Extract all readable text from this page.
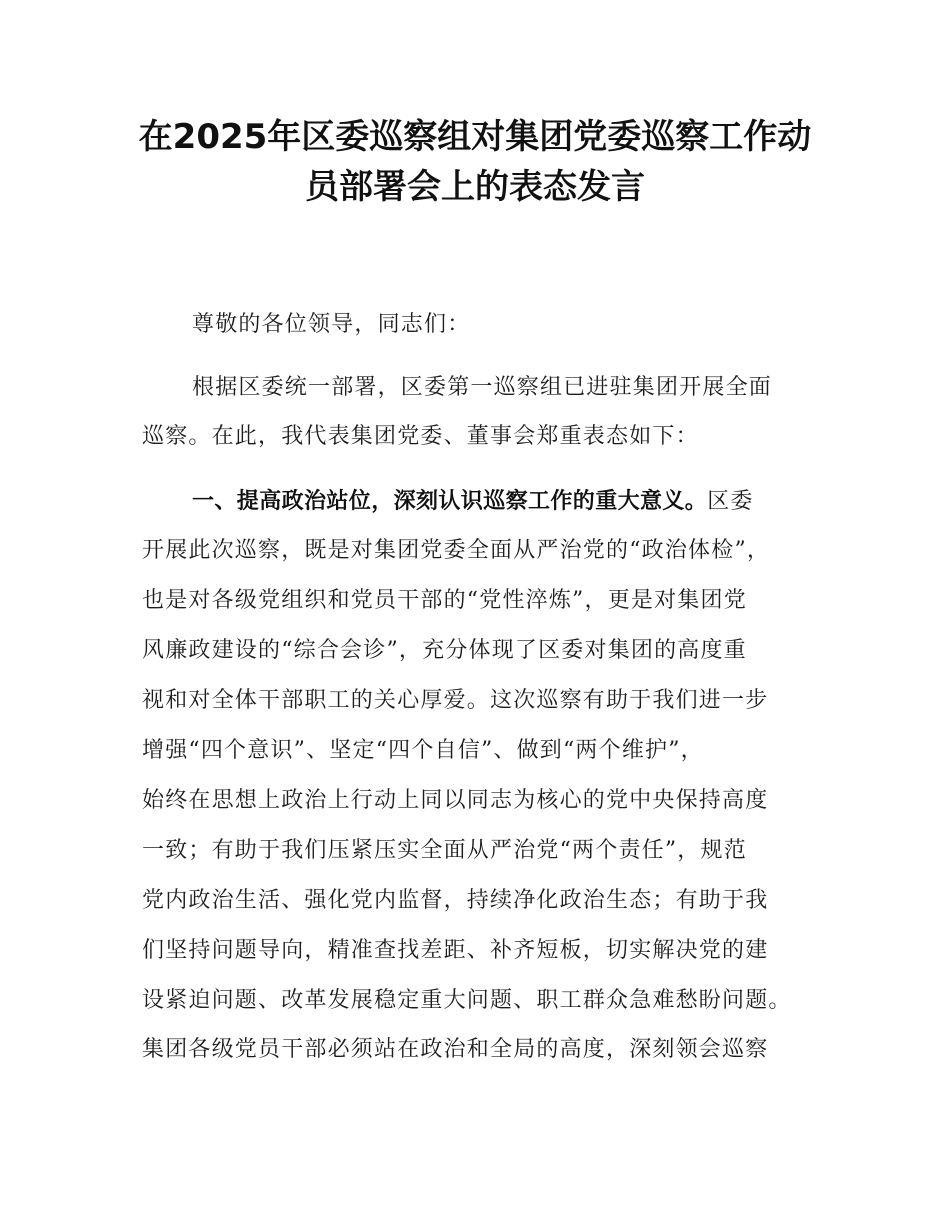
在2025年区委巡察组对集团党委巡察工作动
员部署会上的表态发言
尊敬的各位领导，同志们：
根据区委统一部署，区委第一巡察组已进驻集团开展全面
巡察。在此，我代表集团党委、董事会郑重表态如下：
一、提高政治站位，深刻认识巡察工作的重大意义。区委
开展此次巡察，既是对集团党委全面从严治党的“政治体检”，
也是对各级党组织和党员干部的“党性淬炼”，更是对集团党
风廉政建设的“综合会诊”，充分体现了区委对集团的高度重
视和对全体干部职工的关心厚爱。这次巡察有助于我们进一步
增强“四个意识”、坚定“四个自信”、做到“两个维护”，
始终在思想上政治上行动上同以同志为核心的党中央保持高度
一致；有助于我们压紧压实全面从严治党“两个责任”，规范
党内政治生活、强化党内监督，持续净化政治生态；有助于我
们坚持问题导向，精准查找差距、补齐短板，切实解决党的建
设紧迫问题、改革发展稳定重大问题、职工群众急难愁盼问题。
集团各级党员干部必须站在政治和全局的高度，深刻领会巡察
